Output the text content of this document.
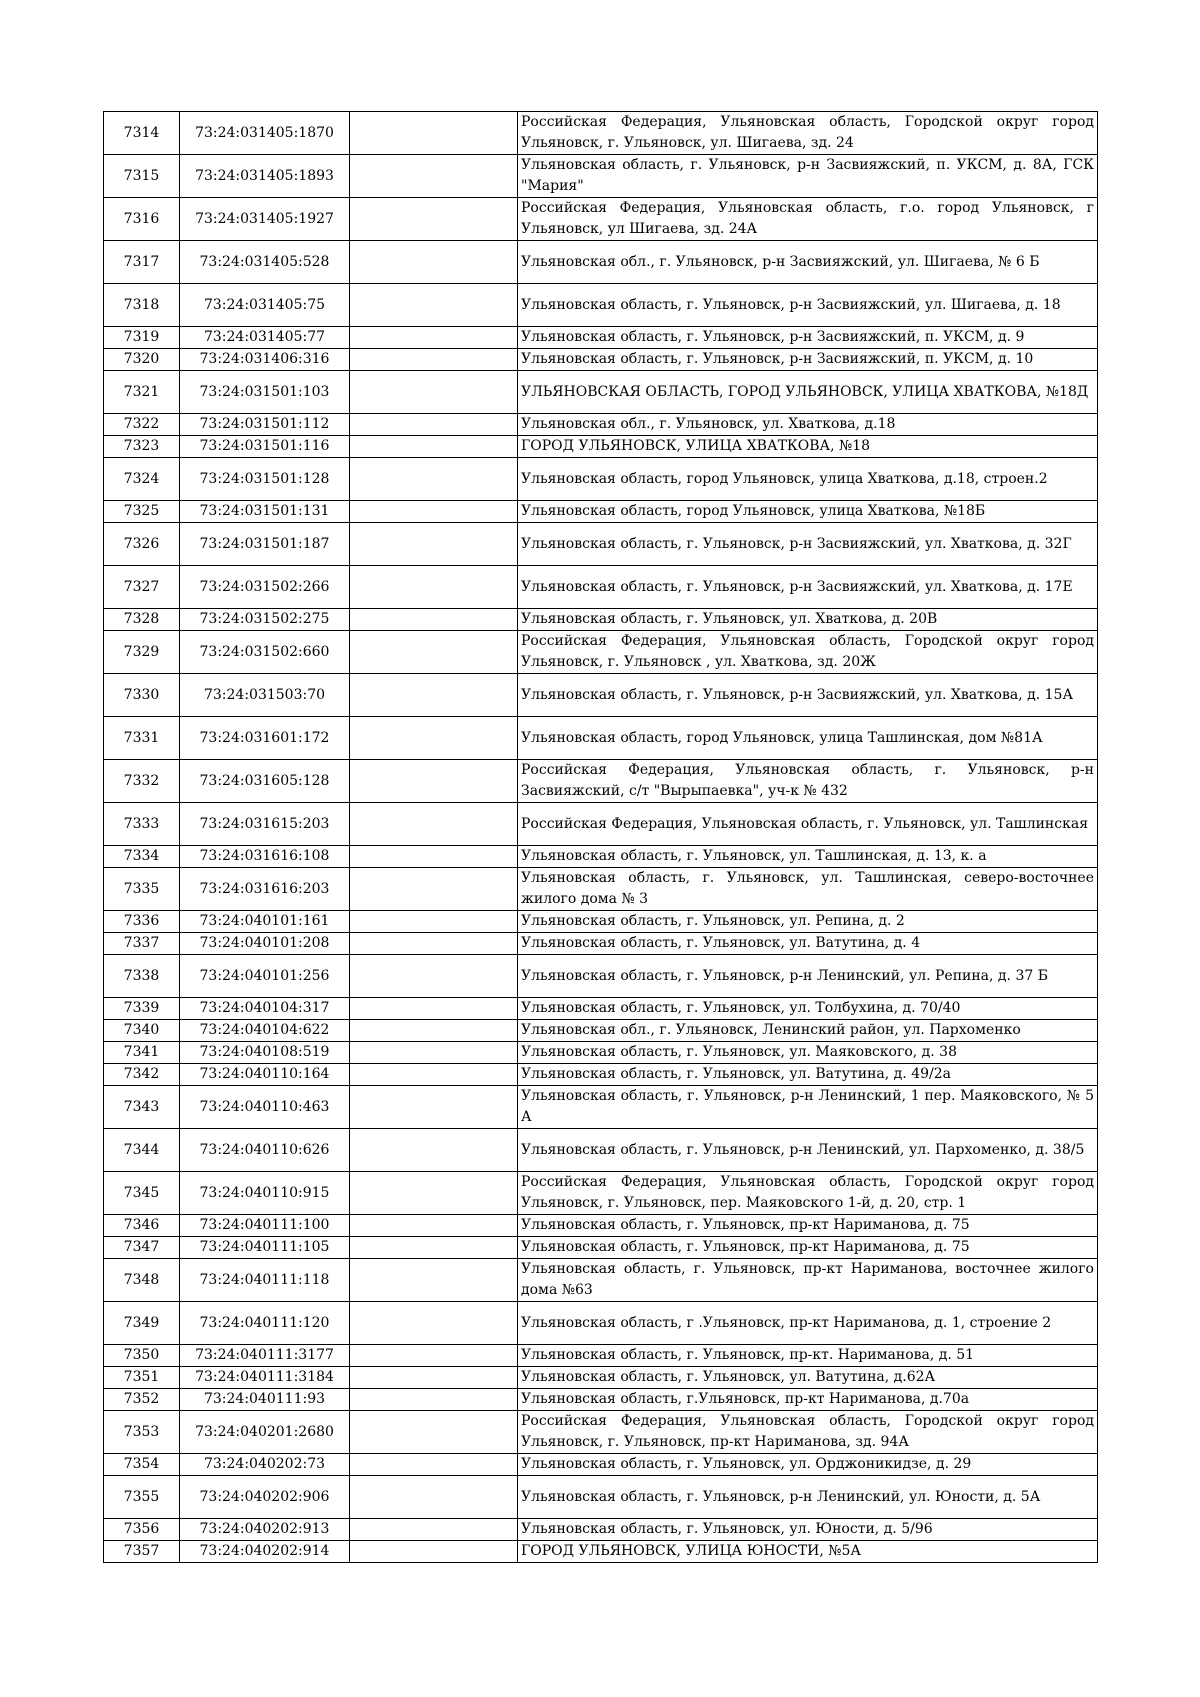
7314	73:24:031405:1870		Российская Федерация, Ульяновская область, Городской округ город Ульяновск, г. Ульяновск, ул. Шигаева, зд. 24
7315	73:24:031405:1893		Ульяновская область, г. Ульяновск, р-н Засвияжский, п. УКСМ, д. 8А, ГСК "Мария"
7316	73:24:031405:1927		Российская Федерация, Ульяновская область, г.о. город Ульяновск, г Ульяновск, ул Шигаева, зд. 24А
7317	73:24:031405:528		Ульяновская обл., г. Ульяновск, р-н Засвияжский, ул. Шигаева, № 6 Б
7318	73:24:031405:75		Ульяновская область, г. Ульяновск, р-н Засвияжский, ул. Шигаева, д. 18
7319	73:24:031405:77		Ульяновская область, г. Ульяновск, р-н Засвияжский, п. УКСМ, д. 9
7320	73:24:031406:316		Ульяновская область, г. Ульяновск, р-н Засвияжский, п. УКСМ, д. 10
7321	73:24:031501:103		УЛЬЯНОВСКАЯ ОБЛАСТЬ, ГОРОД УЛЬЯНОВСК, УЛИЦА ХВАТКОВА, №18Д
7322	73:24:031501:112		Ульяновская обл., г. Ульяновск, ул. Хваткова, д.18
7323	73:24:031501:116		ГОРОД УЛЬЯНОВСК, УЛИЦА ХВАТКОВА, №18
7324	73:24:031501:128		Ульяновская область, город Ульяновск, улица Хваткова, д.18, строен.2
7325	73:24:031501:131		Ульяновская область, город Ульяновск, улица Хваткова, №18Б
7326	73:24:031501:187		Ульяновская область, г. Ульяновск, р-н Засвияжский, ул. Хваткова, д. 32Г
7327	73:24:031502:266		Ульяновская область, г. Ульяновск, р-н Засвияжский, ул. Хваткова, д. 17Е
7328	73:24:031502:275		Ульяновская область, г. Ульяновск, ул. Хваткова, д. 20В
7329	73:24:031502:660		Российская Федерация, Ульяновская область, Городской округ город Ульяновск, г. Ульяновск , ул. Хваткова, зд. 20Ж
7330	73:24:031503:70		Ульяновская область, г. Ульяновск, р-н Засвияжский, ул. Хваткова, д. 15А
7331	73:24:031601:172		Ульяновская область, город Ульяновск, улица Ташлинская, дом №81А
7332	73:24:031605:128		Российская Федерация, Ульяновская область, г. Ульяновск, р-н Засвияжский, с/т "Вырыпаевка", уч-к № 432
7333	73:24:031615:203		Российская Федерация, Ульяновская область, г. Ульяновск, ул. Ташлинская
7334	73:24:031616:108		Ульяновская область, г. Ульяновск, ул. Ташлинская, д. 13, к. а
7335	73:24:031616:203		Ульяновская область, г. Ульяновск, ул. Ташлинская, северо-восточнее жилого дома № 3
7336	73:24:040101:161		Ульяновская область, г. Ульяновск, ул. Репина, д. 2
7337	73:24:040101:208		Ульяновская область, г. Ульяновск, ул. Ватутина, д. 4
7338	73:24:040101:256		Ульяновская область, г. Ульяновск, р-н Ленинский, ул. Репина, д. 37 Б
7339	73:24:040104:317		Ульяновская область, г. Ульяновск, ул. Толбухина, д. 70/40
7340	73:24:040104:622		Ульяновская обл., г. Ульяновск, Ленинский район, ул. Пархоменко
7341	73:24:040108:519		Ульяновская область, г. Ульяновск, ул. Маяковского, д. 38
7342	73:24:040110:164		Ульяновская область, г. Ульяновск, ул. Ватутина, д. 49/2а
7343	73:24:040110:463		Ульяновская область, г. Ульяновск, р-н Ленинский, 1 пер. Маяковского, № 5 А
7344	73:24:040110:626		Ульяновская область, г. Ульяновск, р-н Ленинский, ул. Пархоменко, д. 38/5
7345	73:24:040110:915		Российская Федерация, Ульяновская область, Городской округ город Ульяновск, г. Ульяновск, пер. Маяковского 1-й, д. 20, стр. 1
7346	73:24:040111:100		Ульяновская область, г. Ульяновск, пр-кт Нариманова, д. 75
7347	73:24:040111:105		Ульяновская область, г. Ульяновск, пр-кт Нариманова, д. 75
7348	73:24:040111:118		Ульяновская область, г. Ульяновск, пр-кт Нариманова, восточнее жилого дома №63
7349	73:24:040111:120		Ульяновская область, г .Ульяновск, пр-кт Нариманова, д. 1, строение 2
7350	73:24:040111:3177		Ульяновская область, г. Ульяновск, пр-кт. Нариманова, д. 51
7351	73:24:040111:3184		Ульяновская область, г. Ульяновск, ул. Ватутина, д.62А
7352	73:24:040111:93		Ульяновская область, г.Ульяновск, пр-кт Нариманова, д.70а
7353	73:24:040201:2680		Российская Федерация, Ульяновская область, Городской округ город Ульяновск, г. Ульяновск, пр-кт Нариманова, зд. 94А
7354	73:24:040202:73		Ульяновская область, г. Ульяновск, ул. Орджоникидзе, д. 29
7355	73:24:040202:906		Ульяновская область, г. Ульяновск, р-н Ленинский, ул. Юности, д. 5А
7356	73:24:040202:913		Ульяновская область, г. Ульяновск, ул. Юности, д. 5/96
7357	73:24:040202:914		ГОРОД УЛЬЯНОВСК, УЛИЦА ЮНОСТИ, №5А
